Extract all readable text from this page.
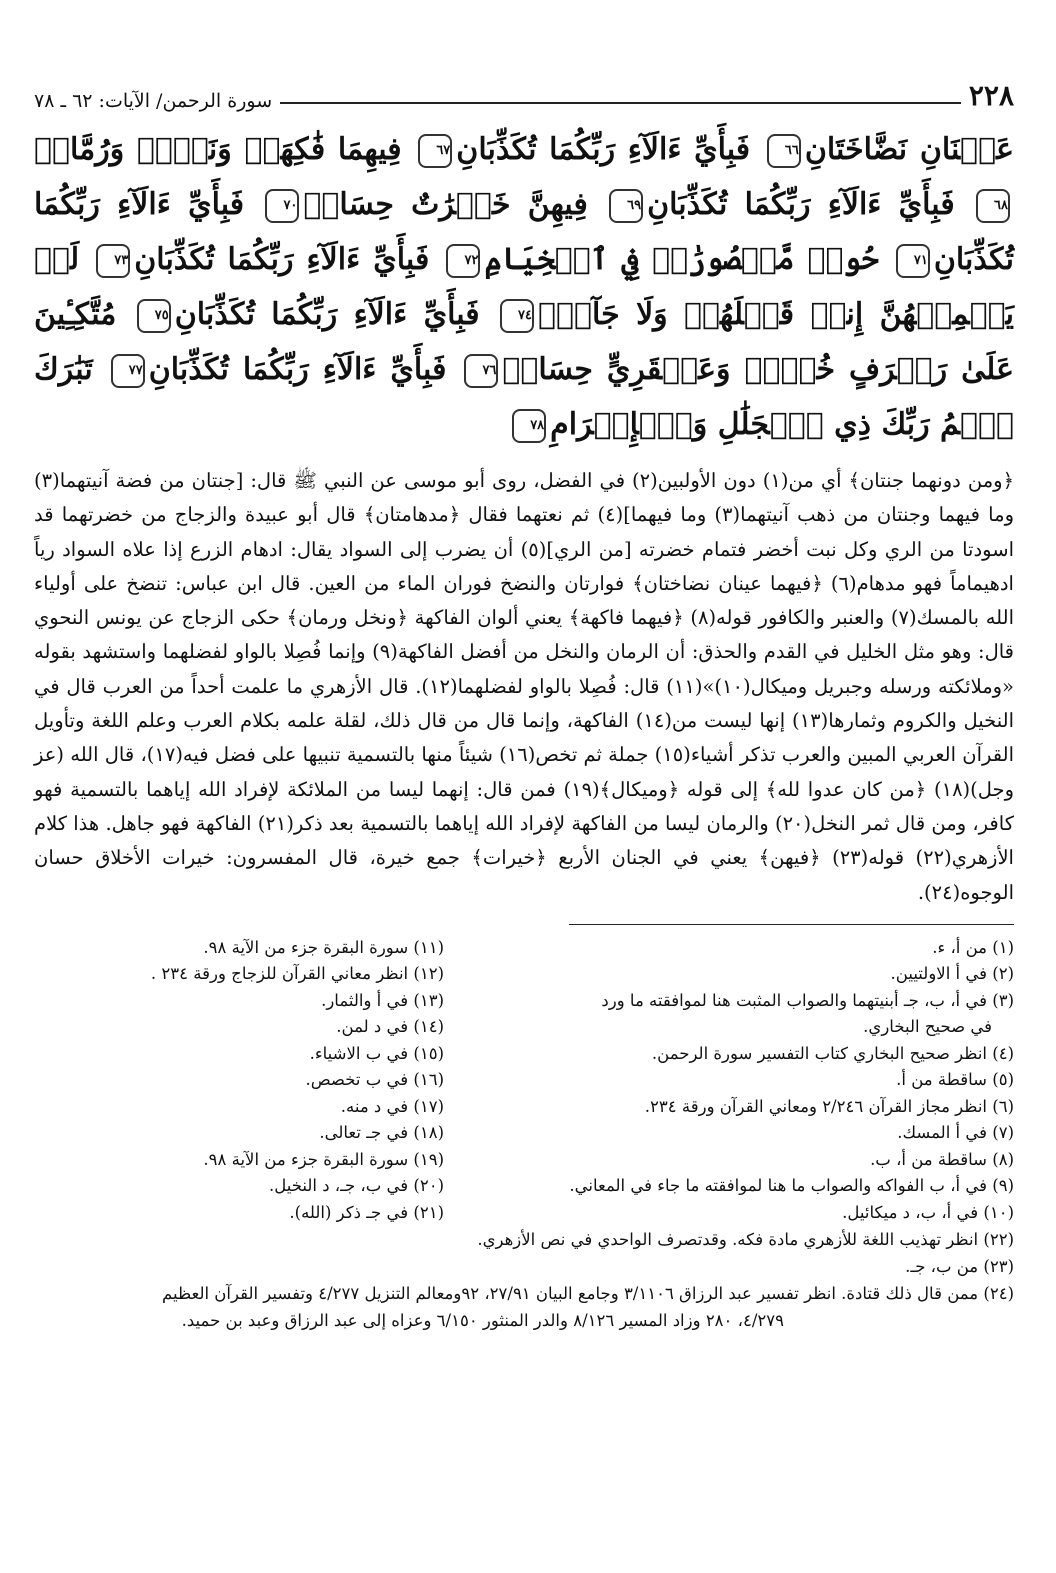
٢٢٨
سورة الرحمن/ الآيات: ٦٢ ـ ٧٨

عَيۡنَانِ نَضَّاخَتَانِ٦٦ فَبِأَيِّ ءَالَآءِ رَبِّكُمَا تُكَذِّبَانِ٦٧ فِيهِمَا فَٰكِهَةٞ وَنَخۡلٞ وَرُمَّانٞ٦٨ فَبِأَيِّ ءَالَآءِ رَبِّكُمَا تُكَذِّبَانِ٦٩ فِيهِنَّ خَيۡرَٰتٌ حِسَانٞ٧٠ فَبِأَيِّ ءَالَآءِ رَبِّكُمَا تُكَذِّبَانِ٧١ حُورٞ مَّقۡصُورَٰتٞ فِي ٱلۡخِيَامِ٧٢ فَبِأَيِّ ءَالَآءِ رَبِّكُمَا تُكَذِّبَانِ٧٣ لَمۡ يَطۡمِثۡهُنَّ إِنسٞ قَبۡلَهُمۡ وَلَا جَآنّٞ٧٤ فَبِأَيِّ ءَالَآءِ رَبِّكُمَا تُكَذِّبَانِ٧٥ مُتَّكِـِٔينَ عَلَىٰ رَفۡرَفٍ خُضۡرٖ وَعَبۡقَرِيٍّ حِسَانٖ٧٦ فَبِأَيِّ ءَالَآءِ رَبِّكُمَا تُكَذِّبَانِ٧٧ تَبَٰرَكَ ٱسۡمُ رَبِّكَ ذِي ٱلۡجَلَٰلِ وَٱلۡإِكۡرَامِ٧٨

﴿ومن دونهما جنتان﴾ أي من(١) دون الأولبين(٢) في الفضل، روى أبو موسى عن النبي ﷺ قال: [جنتان من فضة آنيتهما(٣) وما فيهما وجنتان من ذهب آنيتهما(٣) وما فيهما](٤) ثم نعتهما فقال ﴿مدهامتان﴾ قال أبو عبيدة والزجاج من خضرتهما قد اسودتا من الري وكل نبت أخضر فتمام خضرته [من الري](٥) أن يضرب إلى السواد يقال: ادهام الزرع إذا علاه السواد رياً ادهيماماً فهو مدهام(٦) ﴿فيهما عينان نضاختان﴾ فوارتان والنضخ فوران الماء من العين. قال ابن عباس: تنضخ على أولياء الله بالمسك(٧) والعنبر والكافور قوله(٨) ﴿فيهما فاكهة﴾ يعني ألوان الفاكهة ﴿ونخل ورمان﴾ حكى الزجاج عن يونس النحوي قال: وهو مثل الخليل في القدم والحذق: أن الرمان والنخل من أفضل الفاكهة(٩) وإنما فُصِلا بالواو لفضلهما واستشهد بقوله «وملائكته ورسله وجبريل وميكال(١٠)»(١١) قال: فُصِلا بالواو لفضلهما(١٢). قال الأزهري ما علمت أحداً من العرب قال في النخيل والكروم وثمارها(١٣) إنها ليست من(١٤) الفاكهة، وإنما قال من قال ذلك، لقلة علمه بكلام العرب وعلم اللغة وتأويل القرآن العربي المبين والعرب تذكر أشياء(١٥) جملة ثم تخص(١٦) شيئاً منها بالتسمية تنبيها على فضل فيه(١٧)، قال الله (عز وجل)(١٨) ﴿من كان عدوا لله﴾ إلى قوله ﴿وميكال﴾(١٩) فمن قال: إنهما ليسا من الملائكة لإفراد الله إياهما بالتسمية فهو كافر، ومن قال ثمر النخل(٢٠) والرمان ليسا من الفاكهة لإفراد الله إياهما بالتسمية بعد ذكر(٢١) الفاكهة فهو جاهل. هذا كلام الأزهري(٢٢) قوله(٢٣) ﴿فيهن﴾ يعني في الجنان الأربع ﴿خيرات﴾ جمع خيرة، قال المفسرون: خيرات الأخلاق حسان الوجوه(٢٤).

(١) من أ، ء.
(٢) في أ الاولتيين.
(٣) في أ، ب، جـ أبنيتهما والصواب المثبت هنا لموافقته ما ورد
في صحيح البخاري.
(٤) انظر صحيح البخاري كتاب التفسير سورة الرحمن.
(٥) ساقطة من أ.
(٦) انظر مجاز القرآن ٢/٢٤٦ ومعاني القرآن ورقة ٢٣٤.
(٧) في أ المسك.
(٨) ساقطة من أ، ب.
(٩) في أ، ب الفواكه والصواب ما هنا لموافقته ما جاء في المعاني.
(١٠) في أ، ب، د ميكائيل.
(١١) سورة البقرة جزء من الآية ٩٨.
(١٢) انظر معاني القرآن للزجاج ورقة ٢٣٤ .
(١٣) في أ والثمار.
(١٤) في د لمن.
(١٥) في ب الاشياء.
(١٦) في ب تخصص.
(١٧) في د منه.
(١٨) في جـ تعالى.
(١٩) سورة البقرة جزء من الآية ٩٨.
(٢٠) في ب، جـ، د النخيل.
(٢١) في جـ ذكر (الله).

(٢٢) انظر تهذيب اللغة للأزهري مادة فكه. وقدتصرف الواحدي في نص الأزهري.

(٢٣) من ب، جـ.

(٢٤) ممن قال ذلك قتادة. انظر تفسير عبد الرزاق ٣/١١٠٦ وجامع البيان ٢٧/٩١، ٩٢ومعالم التنزيل ٤/٢٧٧ وتفسير القرآن العظيم

٤/٢٧٩، ٢٨٠ وزاد المسير ٨/١٢٦ والدر المنثور ٦/١٥٠ وعزاه إلى عبد الرزاق وعبد بن حميد.
